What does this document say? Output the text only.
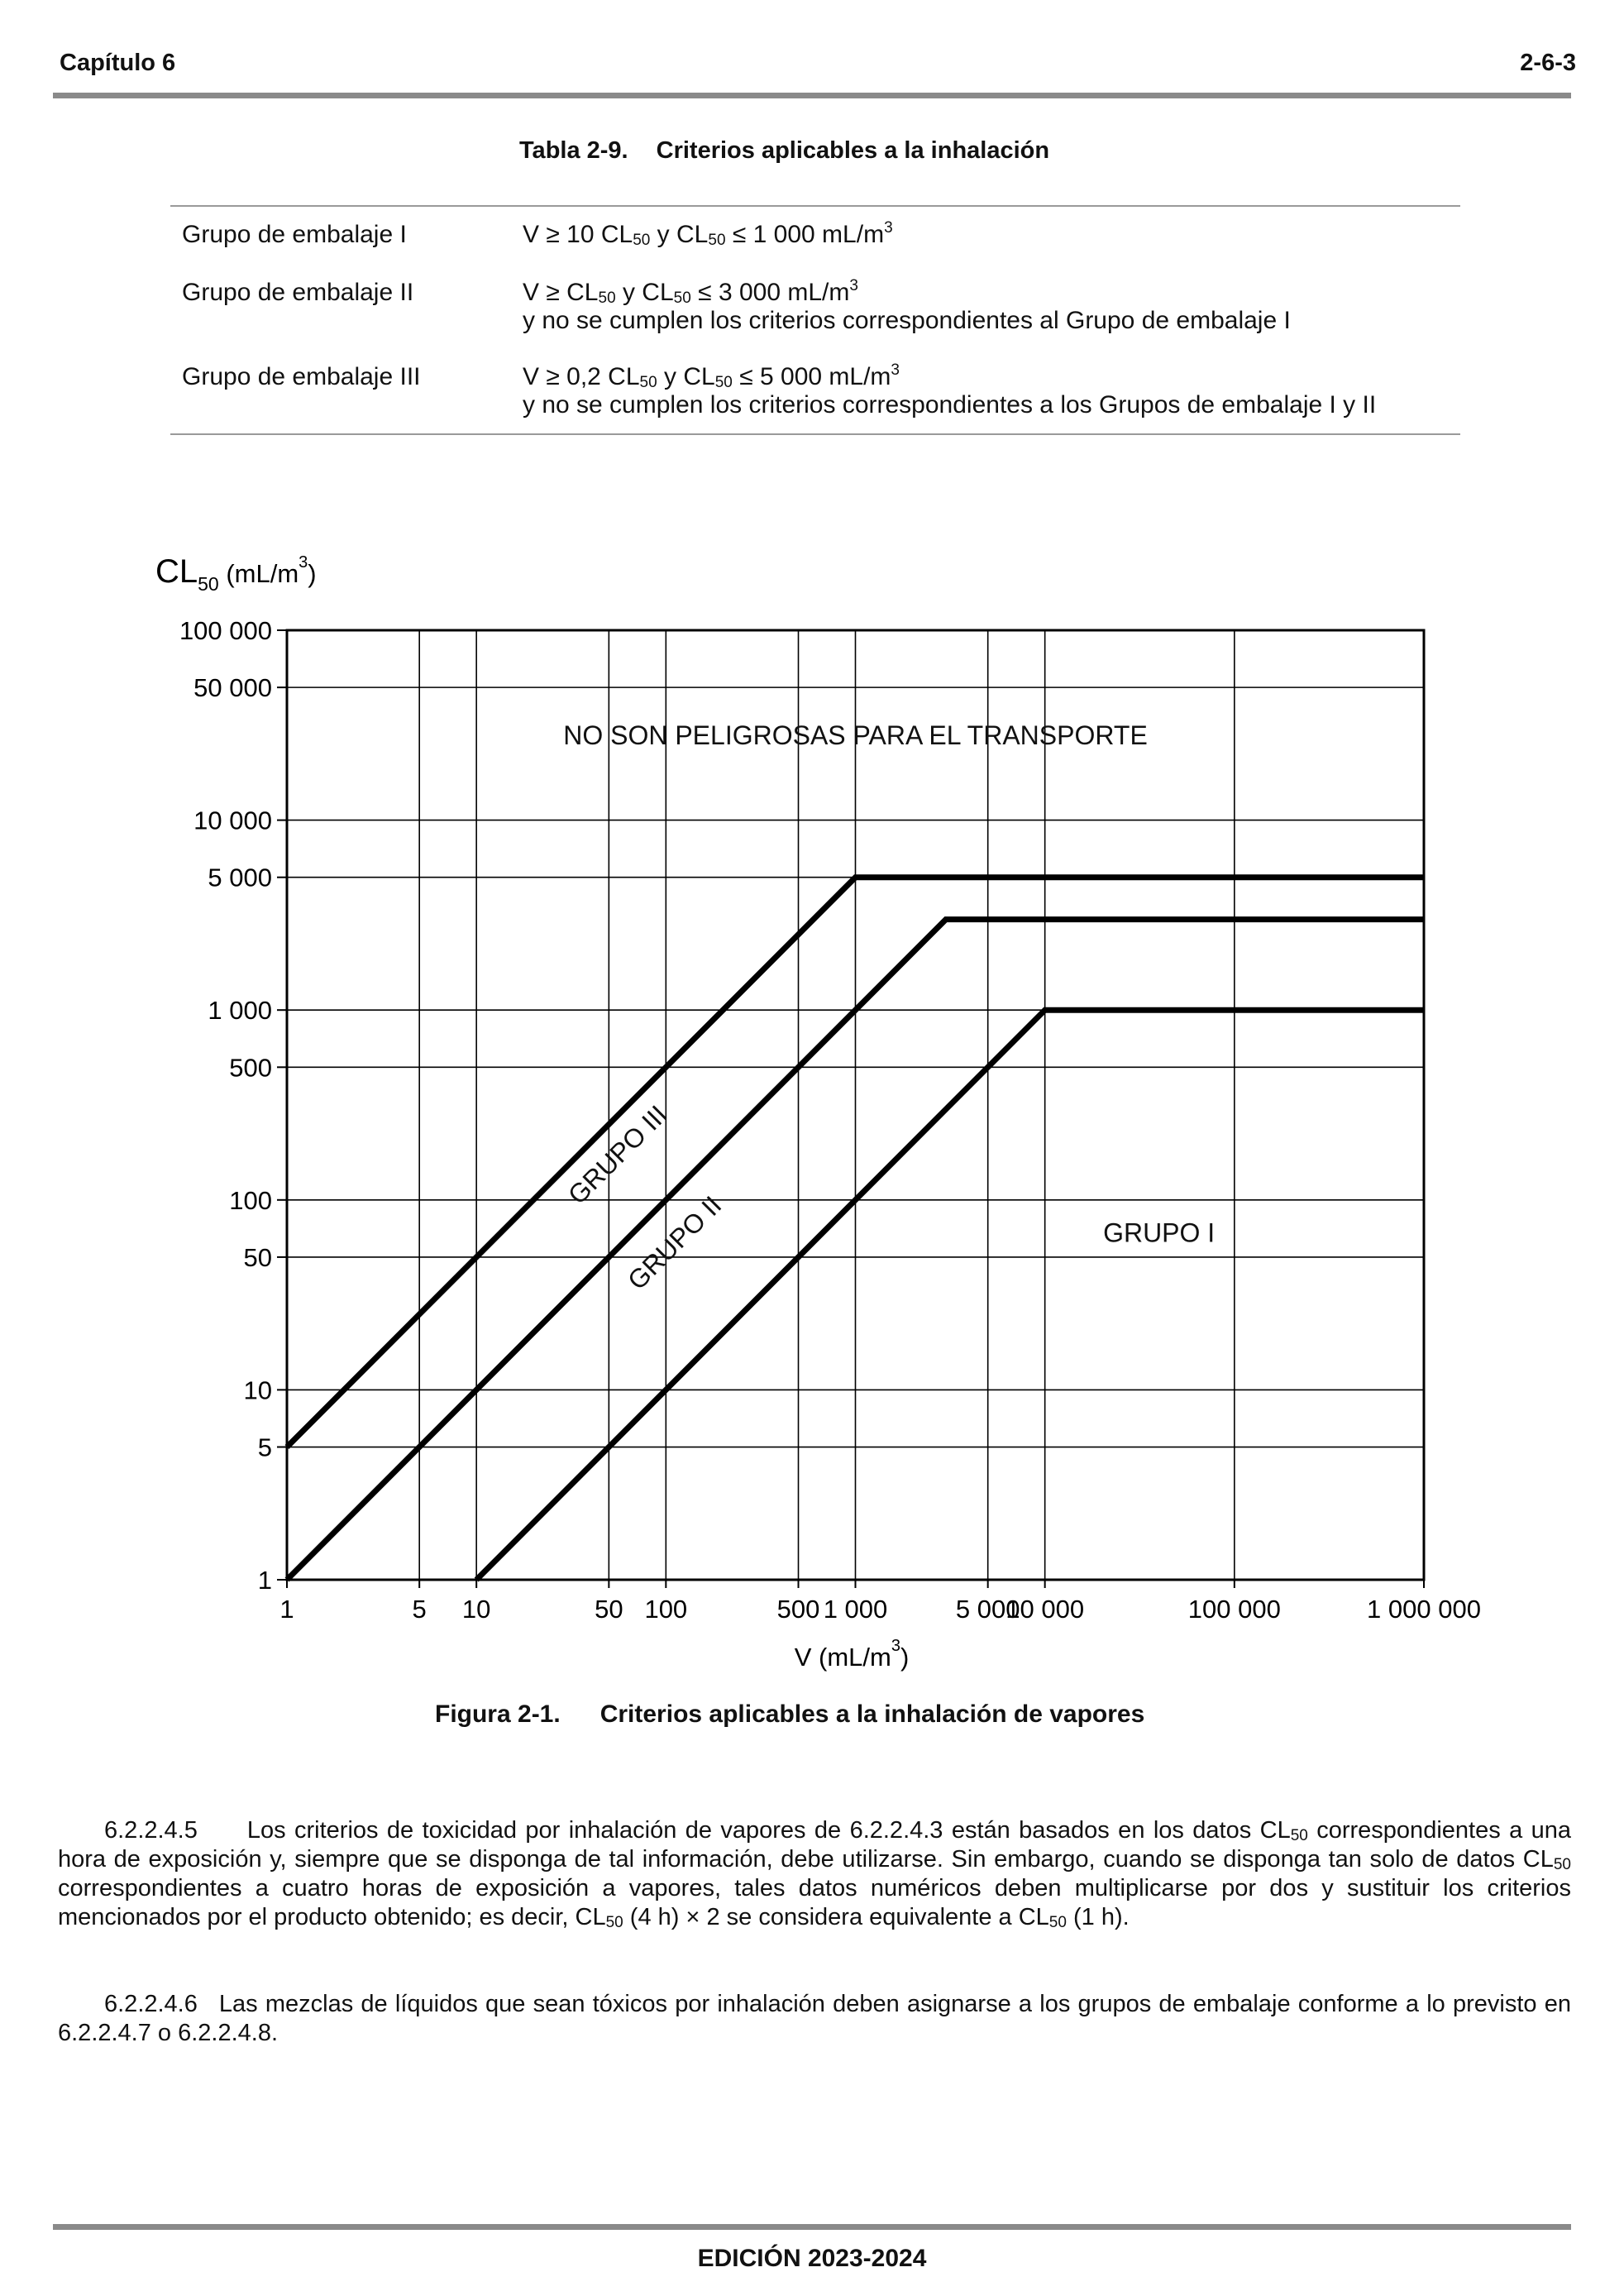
Capítulo 6	2-6-3
Tabla 2-9. Criterios aplicables a la inhalación
Grupo de embalaje I	V ≥ 10 $CL_{50}$ y $CL_{50} \le 1$ 000 $mL/m^3$
Grupo de embalaje II	$V \ge CL_{50}$ y $CL_{50} \le 3$ 000 $mL/m^3$
y no se cumplen los criterios correspondientes al Grupo de embalaje I
Grupo de embalaje III	V ≥ 0,2 $CL_{50}$ y $CL_{50} \le 5$ 000 $mL/m^3$
y no se cumplen los criterios correspondientes a los Grupos de embalaje I y II
1
5
10
50
100
500
1 000
5 000
10 000
50 000
100 000
1	5 10	50 100	500 1 000	5 000
10 000	100 000	1 000 000
NO SON PELIGROSAS PARA EL TRANSPORTE
GRUPO III
GRUPO II	GRUPO I
$CL_{50}$ $^{(mL/m3}_)$
V $(mL/m^3)$
Figura 2-1. Criterios aplicables a la inhalación de vapores
6.2.2.4.5 Los criterios de toxicidad por inhalación de vapores de 6.2.2.4.3 están basados en los datos $CL_{50}$ correspondientes a una hora de exposición y, siempre que se disponga de tal información, debe utilizarse. Sin embargo, cuando se disponga tan solo de datos $CL_{50}$ correspondientes a cuatro horas de exposición a vapores, tales datos numéricos deben multiplicarse por dos y sustituir los criterios mencionados por el producto obtenido; es decir, $CL_{50}$ (4 h) × 2 se considera equivalente a $CL_{50}$ (1 h).
6.2.2.4.6 Las mezclas de líquidos que sean tóxicos por inhalación deben asignarse a los grupos de embalaje conforme a lo previsto en 6.2.2.4.7 o 6.2.2.4.8.
EDICIÓN 2023-2024
